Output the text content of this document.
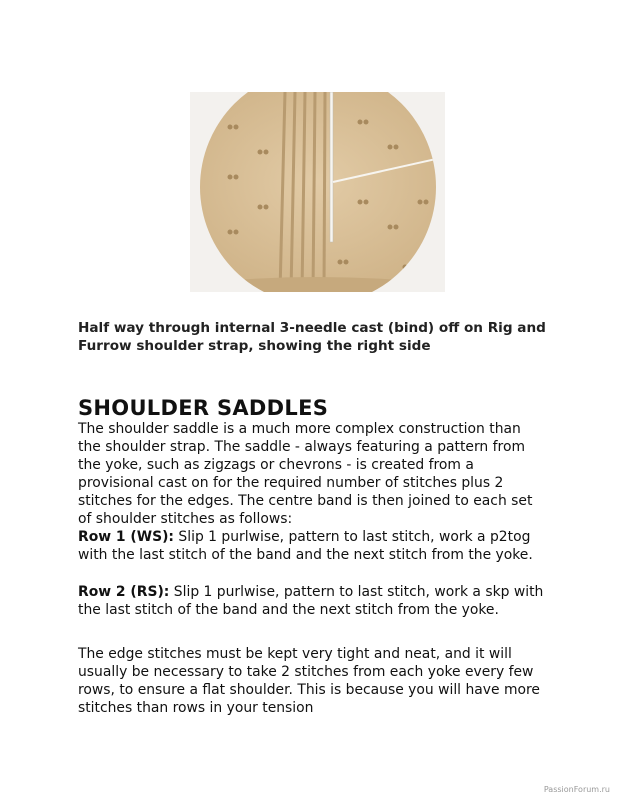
Half way through internal 3-needle cast (bind) off on Rig and Furrow shoulder strap, showing the right side

SHOULDER SADDLES

The shoulder saddle is a much more complex construction than the shoulder strap. The saddle - always featuring a pattern from the yoke, such as zigzags or chevrons - is created from a provisional cast on for the required number of stitches plus 2 stitches for the edges. The centre band is then joined to each set of shoulder stitches as follows:
Row 1 (WS): Slip 1 purlwise, pattern to last stitch, work a p2tog with the last stitch of the band and the next stitch from the yoke.

Row 2 (RS): Slip 1 purlwise, pattern to last stitch, work a skp with the last stitch of the band and the next stitch from the yoke.

The edge stitches must be kept very tight and neat, and it will usually be necessary to take 2 stitches from each yoke every few rows, to ensure a flat shoulder. This is because you will have more stitches than rows in your tension

PassionForum.ru
